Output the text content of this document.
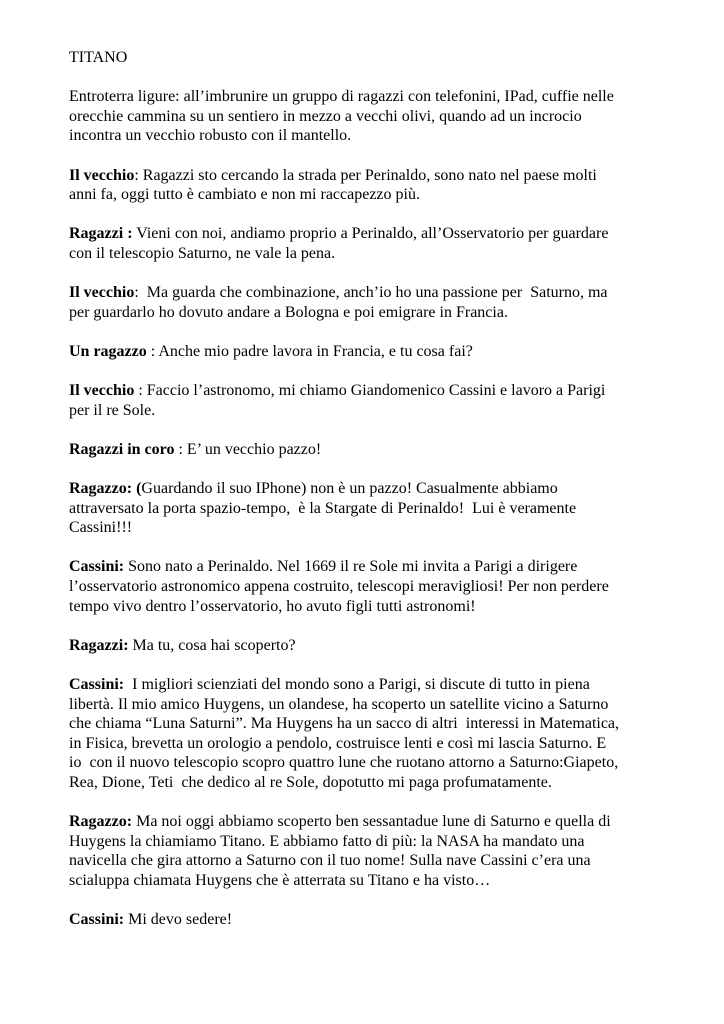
TITANO
Entroterra ligure: all’imbrunire un gruppo di ragazzi con telefonini, IPad, cuffie nelle
orecchie cammina su un sentiero in mezzo a vecchi olivi, quando ad un incrocio
incontra un vecchio robusto con il mantello.
Il vecchio: Ragazzi sto cercando la strada per Perinaldo, sono nato nel paese molti
anni fa, oggi tutto è cambiato e non mi raccapezzo più.
Ragazzi : Vieni con noi, andiamo proprio a Perinaldo, all’Osservatorio per guardare
con il telescopio Saturno, ne vale la pena.
Il vecchio:  Ma guarda che combinazione, anch’io ho una passione per  Saturno, ma
per guardarlo ho dovuto andare a Bologna e poi emigrare in Francia.
Un ragazzo : Anche mio padre lavora in Francia, e tu cosa fai?
Il vecchio : Faccio l’astronomo, mi chiamo Giandomenico Cassini e lavoro a Parigi
per il re Sole.
Ragazzi in coro : E’ un vecchio pazzo!
Ragazzo: (Guardando il suo IPhone) non è un pazzo! Casualmente abbiamo
attraversato la porta spazio-tempo,  è la Stargate di Perinaldo!  Lui è veramente
Cassini!!!
Cassini: Sono nato a Perinaldo. Nel 1669 il re Sole mi invita a Parigi a dirigere
l’osservatorio astronomico appena costruito, telescopi meravigliosi! Per non perdere
tempo vivo dentro l’osservatorio, ho avuto figli tutti astronomi!
Ragazzi: Ma tu, cosa hai scoperto?
Cassini:  I migliori scienziati del mondo sono a Parigi, si discute di tutto in piena
libertà. Il mio amico Huygens, un olandese, ha scoperto un satellite vicino a Saturno
che chiama “Luna Saturni”. Ma Huygens ha un sacco di altri  interessi in Matematica,
in Fisica, brevetta un orologio a pendolo, costruisce lenti e così mi lascia Saturno. E
io  con il nuovo telescopio scopro quattro lune che ruotano attorno a Saturno:Giapeto,
Rea, Dione, Teti  che dedico al re Sole, dopotutto mi paga profumatamente.
Ragazzo: Ma noi oggi abbiamo scoperto ben sessantadue lune di Saturno e quella di
Huygens la chiamiamo Titano. E abbiamo fatto di più: la NASA ha mandato una
navicella che gira attorno a Saturno con il tuo nome! Sulla nave Cassini c’era una
scialuppa chiamata Huygens che è atterrata su Titano e ha visto…
Cassini: Mi devo sedere!
